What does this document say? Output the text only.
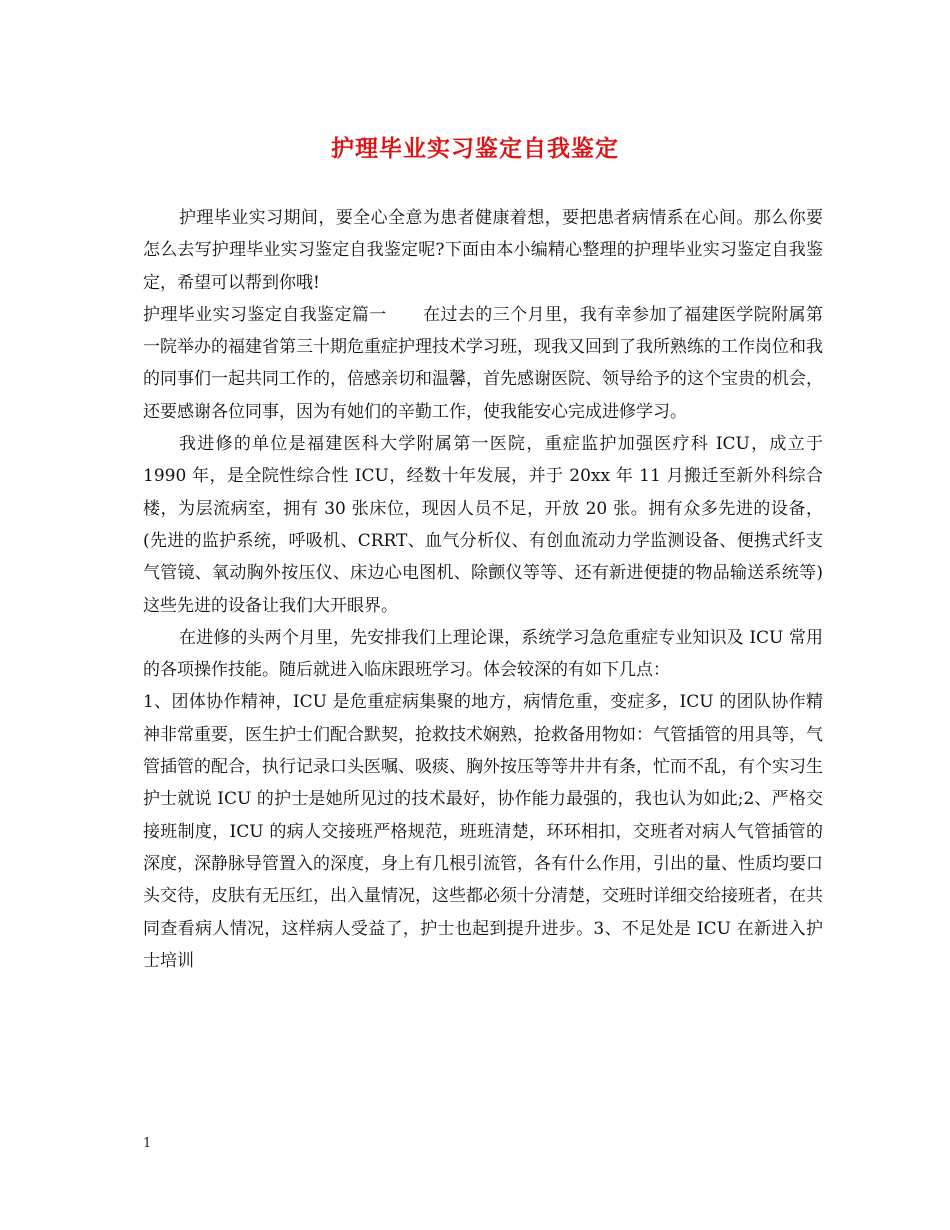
护理毕业实习鉴定自我鉴定

护理毕业实习期间，要全心全意为患者健康着想，要把患者病情系在心间。那么你要怎么去写护理毕业实习鉴定自我鉴定呢?下面由本小编精心整理的护理毕业实习鉴定自我鉴定，希望可以帮到你哦!

护理毕业实习鉴定自我鉴定篇一 在过去的三个月里，我有幸参加了福建医学院附属第一院举办的福建省第三十期危重症护理技术学习班，现我又回到了我所熟练的工作岗位和我的同事们一起共同工作的，倍感亲切和温馨，首先感谢医院、领导给予的这个宝贵的机会，还要感谢各位同事，因为有她们的辛勤工作，使我能安心完成进修学习。

我进修的单位是福建医科大学附属第一医院，重症监护加强医疗科 ICU，成立于 1990 年，是全院性综合性 ICU，经数十年发展，并于 20xx 年 11 月搬迁至新外科综合楼，为层流病室，拥有 30 张床位，现因人员不足，开放 20 张。拥有众多先进的设备，(先进的监护系统，呼吸机、CRRT、血气分析仪、有创血流动力学监测设备、便携式纤支气管镜、氧动胸外按压仪、床边心电图机、除颤仪等等、还有新进便捷的物品输送系统等)这些先进的设备让我们大开眼界。

在进修的头两个月里，先安排我们上理论课，系统学习急危重症专业知识及 ICU 常用的各项操作技能。随后就进入临床跟班学习。体会较深的有如下几点：

1、团体协作精神，ICU 是危重症病集聚的地方，病情危重，变症多，ICU 的团队协作精神非常重要，医生护士们配合默契，抢救技术娴熟，抢救备用物如：气管插管的用具等，气管插管的配合，执行记录口头医嘱、吸痰、胸外按压等等井井有条，忙而不乱，有个实习生护士就说 ICU 的护士是她所见过的技术最好，协作能力最强的，我也认为如此;2、严格交接班制度，ICU 的病人交接班严格规范，班班清楚，环环相扣，交班者对病人气管插管的深度，深静脉导管置入的深度，身上有几根引流管，各有什么作用，引出的量、性质均要口头交待，皮肤有无压红，出入量情况，这些都必须十分清楚，交班时详细交给接班者，在共同查看病人情况，这样病人受益了，护士也起到提升进步。3、不足处是 ICU 在新进入护士培训

1
